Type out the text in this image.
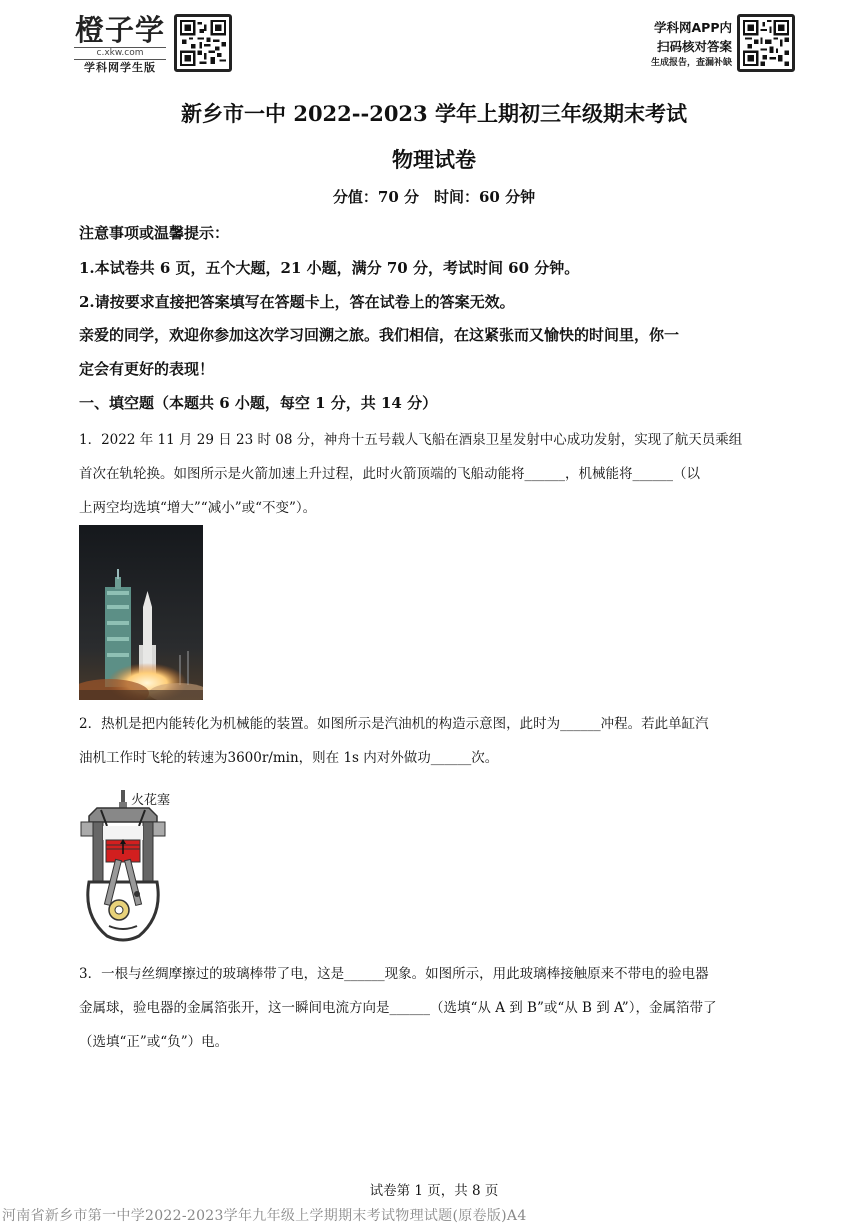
橙子学
c.xkw.com
学科网学生版
学科网APP内
扫码核对答案
生成报告，查漏补缺
新乡市一中 2022--2023 学年上期初三年级期末考试
物理试卷
分值：70 分　时间：60 分钟
注意事项或温馨提示：
1.本试卷共 6 页，五个大题，21 小题，满分 70 分，考试时间 60 分钟。
2.请按要求直接把答案填写在答题卡上，答在试卷上的答案无效。
亲爱的同学，欢迎你参加这次学习回溯之旅。我们相信，在这紧张而又愉快的时间里，你一
定会有更好的表现！
一、填空题（本题共 6 小题，每空 1 分，共 14 分）
1．2022 年 11 月 29 日 23 时 08 分，神舟十五号载人飞船在酒泉卫星发射中心成功发射，实现了航天员乘组
首次在轨轮换。如图所示是火箭加速上升过程，此时火箭顶端的飞船动能将______，机械能将______（以
上两空均选填“增大”“减小”或“不变”）。
2．热机是把内能转化为机械能的装置。如图所示是汽油机的构造示意图，此时为______冲程。若此单缸汽
油机工作时飞轮的转速为3600r/min，则在 1s 内对外做功______次。
火花塞
3．一根与丝绸摩擦过的玻璃棒带了电，这是______现象。如图所示，用此玻璃棒接触原来不带电的验电器
金属球，验电器的金属箔张开，这一瞬间电流方向是______（选填“从 A 到 B”或“从 B 到 A”），金属箔带了
（选填“正”或“负”）电。
试卷第 1 页，共 8 页
河南省新乡市第一中学2022-2023学年九年级上学期期末考试物理试题(原卷版)A4
